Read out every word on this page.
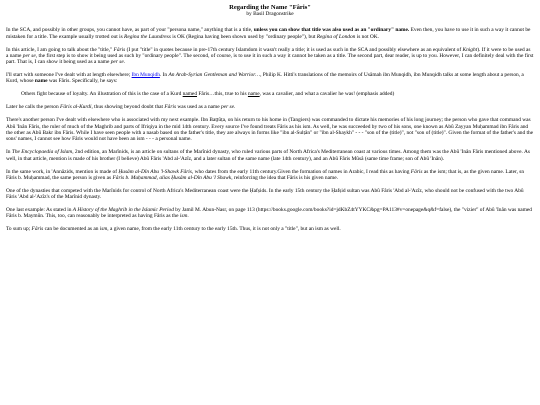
Regarding the Name "Fâris"
by Basil Dragonstrike

In the SCA, and possibly in other groups, you cannot have, as part of your "persona name," anything that is a title, unless you can show that title was also used as an "ordinary" name. Even then, you have to use it in such a way it cannot be mistaken for a title. The example usually trotted out is Regina the Laundress is OK (Regina having been shown used by "ordinary people"), but Regina of London is not OK.

In this article, I am going to talk about the "title," Fâris (I put "title" in quotes because in pre-17th century Islamdom it wasn't really a title; it is used as such in the SCA and possibly elsewhere as an equivalent of Knight). If it were to be used as a name per se, the first step is to show it being used as such by "ordinary people". The second, of course, is to use it in such a way it cannot be taken as a title. The second part, dear reader, is up to you. However, I can definitely deal with the first part. That is, I can show it being used as a name per se.

I'll start with someone I've dealt with at length elsewhere; Ibn Munqidh. In An Arab-Syrian Gentleman and Warrior…, Philip K. Hitti's translations of the memoirs of Usâmah ibn Munqidh, ibn Munqidh talks at some length about a person, a Kurd, whose name was Fâris. Specifically, he says:

Others fight because of loyalty. An illustration of this is the case of a Kurd named Fâris…this, true to his name, was a cavalier, and what a cavalier he was! (emphasis added)

Later he calls the person Fâris al-Kurdi, thus showing beyond doubt that Fâris was used as a name per se.

There's another person I've dealt with elsewhere who is associated with my next example. Ibn Baṭṭûṭa, on his return to his home in (Tangiers) was commanded to dictate his memories of his long journey; the person who gave that command was Abû 'Inân Fâris, the ruler of much of the Maghrib and parts of Ifriqiya in the mid 14th century. Every source I've found treats Fâris as his ism. As well, he was succeeded by two of his sons, one known as Abû Zayyan Muḥammad ibn Fâris and the other as Abû Bakr ibn Fâris. While I have seen people with a nasab based on the father's title, they are always in forms like "ibn al-Sulṭân" or "ibn al-Shaykh" - - - "son of the (title)", not "son of (title)". Given the format of the father's and the sons' names, I cannot see how Fâris would not have been an ism - - - a personal name.

In The Encyclopaedia of Islam, 2nd edition, an Marînids, is an article on sultans of the Marînid dynasty, who ruled various parts of North Africa's Mediterranean coast at various times. Among them was the Abû 'Inân Fâris mentioned above. As well, in that article, mention is made of his brother (I believe) Abû Fâris 'Abd al-'Azîz, and a later sultan of the same name (late 14th century), and an Abû Fâris Mûsâ (same time frame; son of Abû 'Inân).

In the same work, in 'Annâzids, mention is made of Ḥusâm al-Dîn Abu 'l-Shawk Fâris, who dates from the early 11th century.Given the formation of names in Arabic, I read this as having Fâris as the ism; that is, as the given name. Later, sn Fâris b. Muḥammad, the same person is given as Fâris b. Muḥammad, alias Ḥusâm al-Dîn Abu 'l Shawk, reinforcing the idea that Fâris is his given name.

One of the dynasties that competed with the Marînids for control of North Africa's Mediterranean coast were the Ḥafṣids. In the early 15th century the Ḥafṣid sultan was Abû Fâris 'Abd al-'Azîz, who should not be confused with the two Abû Fâris 'Abd al-'Azîz's of the Marînid dynasty.

One last example: As stated in A History of the Maghrib in the Islamic Period by Jamil M. Abun-Nasr, on page 113 (https://books.google.com/books?id=jdKbZ4tYYKC&pg=PA113#v=onepage&q&f=false), the "vizier" of Abû 'Inân was named Fâris b. Maymûn. This, too, can reasonably be interpreted as having Fâris as the ism.

To sum up; Fâris can be documented as an ism, a given name, from the early 11th century to the early 15th. Thus, it is not only a "title", but an ism as well.
